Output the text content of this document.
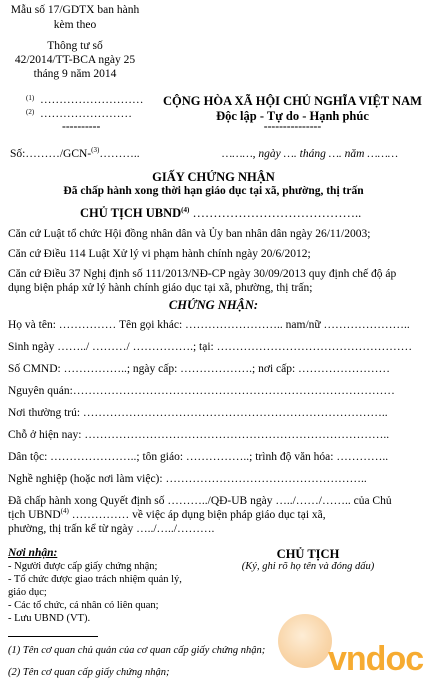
Mẫu số 17/GDTX ban hành
kèm theo
Thông tư số
42/2014/TT-BCA ngày 25
tháng 9 năm 2014
(1) ………………………
(2) ……………………
----------
CỘNG HÒA XÃ HỘI CHỦ NGHĨA VIỆT NAM
Độc lập - Tự do - Hạnh phúc
---------------
Số:………/GCN-$^{(3)}$………..	………, ngày …. tháng …. năm ………
GIẤY CHỨNG NHẬN
Đã chấp hành xong thời hạn giáo dục tại xã, phường, thị trấn
CHỦ TỊCH UBND$^{(4)}$ …………………………………..
Căn cứ Luật tổ chức Hội đồng nhân dân và Ủy ban nhân dân ngày 26/11/2003;
Căn cứ Điều 114 Luật Xử lý vi phạm hành chính ngày 20/6/2012;
Căn cứ Điều 37 Nghị định số 111/2013/NĐ-CP ngày 30/09/2013 quy định chế độ áp
dụng biện pháp xử lý hành chính giáo dục tại xã, phường, thị trấn;
CHỨNG NHẬN:
Họ và tên: …………… Tên gọi khác: …………………….. nam/nữ …………………..
Sinh ngày ……../ ………/ …………….; tại: ……………………………………………
Số CMND: ……………..; ngày cấp: ……………….; nơi cấp: ……………………
Nguyên quán:…………………………………………………………………………
Nơi thường trú: ……………………………………………………………………..
Chỗ ở hiện nay: ……………………………………………………………………..
Dân tộc: …………………..; tôn giáo: ……………..; trình độ văn hóa: …………..
Nghề nghiệp (hoặc nơi làm việc): ……………………………………………..
Đã chấp hành xong Quyết định số ………../QĐ-UB ngày …../……/…….. của Chủ
tịch UBND$^{(4)}$ …………… về việc áp dụng biện pháp giáo dục tại xã,
phường, thị trấn kể từ ngày …../…../……….
Nơi nhận:
- Người được cấp giấy chứng nhận;
- Tổ chức được giao trách nhiệm quản lý,
giáo dục;
- Các tổ chức, cá nhân có liên quan;
- Lưu UBND (VT).
CHỦ TỊCH
(Ký, ghi rõ họ tên và đóng dấu)
vndoc
(1) Tên cơ quan chủ quản của cơ quan cấp giấy chứng nhận;
(2) Tên cơ quan cấp giấy chứng nhận;
